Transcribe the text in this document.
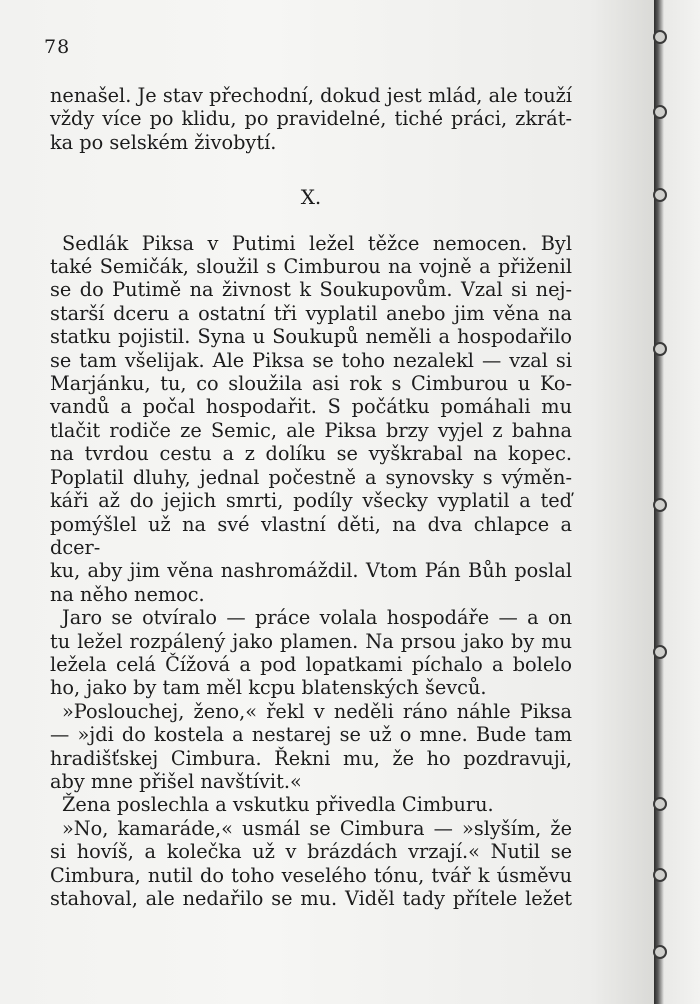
78
nenašel. Je stav přechodní, dokud jest mlád, ale touží
vždy více po klidu, po pravidelné, tiché práci, zkrát-
ka po selském živobytí.
X.
Sedlák Piksa v Putimi ležel těžce nemocen. Byl
také Semičák, sloužil s Cimburou na vojně a přiženil
se do Putimě na živnost k Soukupovům. Vzal si nej-
starší dceru a ostatní tři vyplatil anebo jim věna na
statku pojistil. Syna u Soukupů neměli a hospodařilo
se tam všelijak. Ale Piksa se toho nezalekl — vzal si
Marjánku, tu, co sloužila asi rok s Cimburou u Ko-
vandů a počal hospodařit. S počátku pomáhali mu
tlačit rodiče ze Semic, ale Piksa brzy vyjel z bahna
na tvrdou cestu a z dolíku se vyškrabal na kopec.
Poplatil dluhy, jednal počestně a synovsky s výměn-
káři až do jejich smrti, podíly všecky vyplatil a teď
pomýšlel už na své vlastní děti, na dva chlapce a dcer-
ku, aby jim věna nashromáždil. Vtom Pán Bůh poslal
na něho nemoc.
Jaro se otvíralo — práce volala hospodáře — a on
tu ležel rozpálený jako plamen. Na prsou jako by mu
ležela celá Čížová a pod lopatkami píchalo a bolelo
ho, jako by tam měl kcpu blatenských ševců.
»Poslouchej, ženo,« řekl v neděli ráno náhle Piksa
— »jdi do kostela a nestarej se už o mne. Bude tam
hradišťskej Cimbura. Řekni mu, že ho pozdravuji,
aby mne přišel navštívit.«
Žena poslechla a vskutku přivedla Cimburu.
»No, kamaráde,« usmál se Cimbura — »slyším, že
si hovíš, a kolečka už v brázdách vrzají.« Nutil se
Cimbura, nutil do toho veselého tónu, tvář k úsměvu
stahoval, ale nedařilo se mu. Viděl tady přítele ležet
